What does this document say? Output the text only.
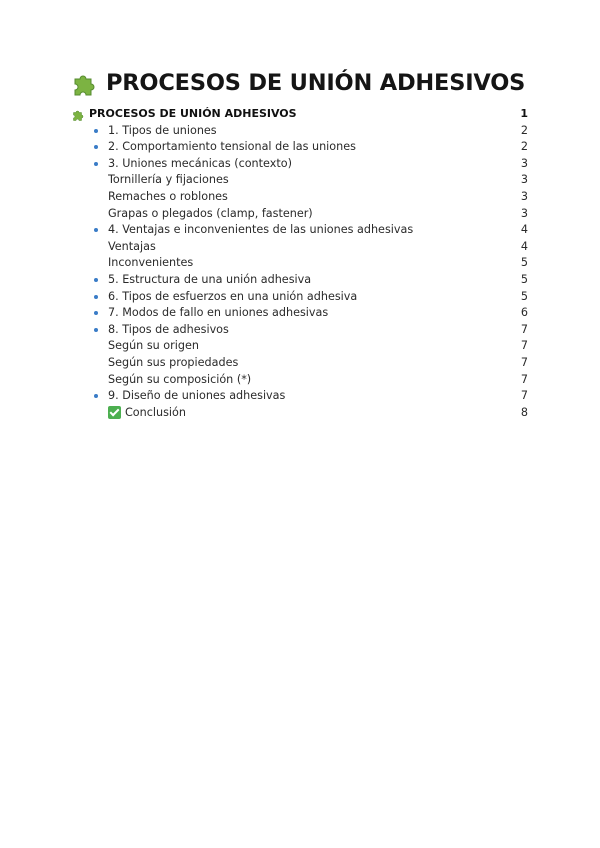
PROCESOS DE UNIÓN ADHESIVOS
PROCESOS DE UNIÓN ADHESIVOS	1
1. Tipos de uniones	2
2. Comportamiento tensional de las uniones	2
3. Uniones mecánicas (contexto)	3
Tornillería y fijaciones	3
Remaches o roblones	3
Grapas o plegados (clamp, fastener)	3
4. Ventajas e inconvenientes de las uniones adhesivas	4
Ventajas	4
Inconvenientes	5
5. Estructura de una unión adhesiva	5
6. Tipos de esfuerzos en una unión adhesiva	5
7. Modos de fallo en uniones adhesivas	6
8. Tipos de adhesivos	7
Según su origen	7
Según sus propiedades	7
Según su composición (*)	7
9. Diseño de uniones adhesivas	7
Conclusión	8
